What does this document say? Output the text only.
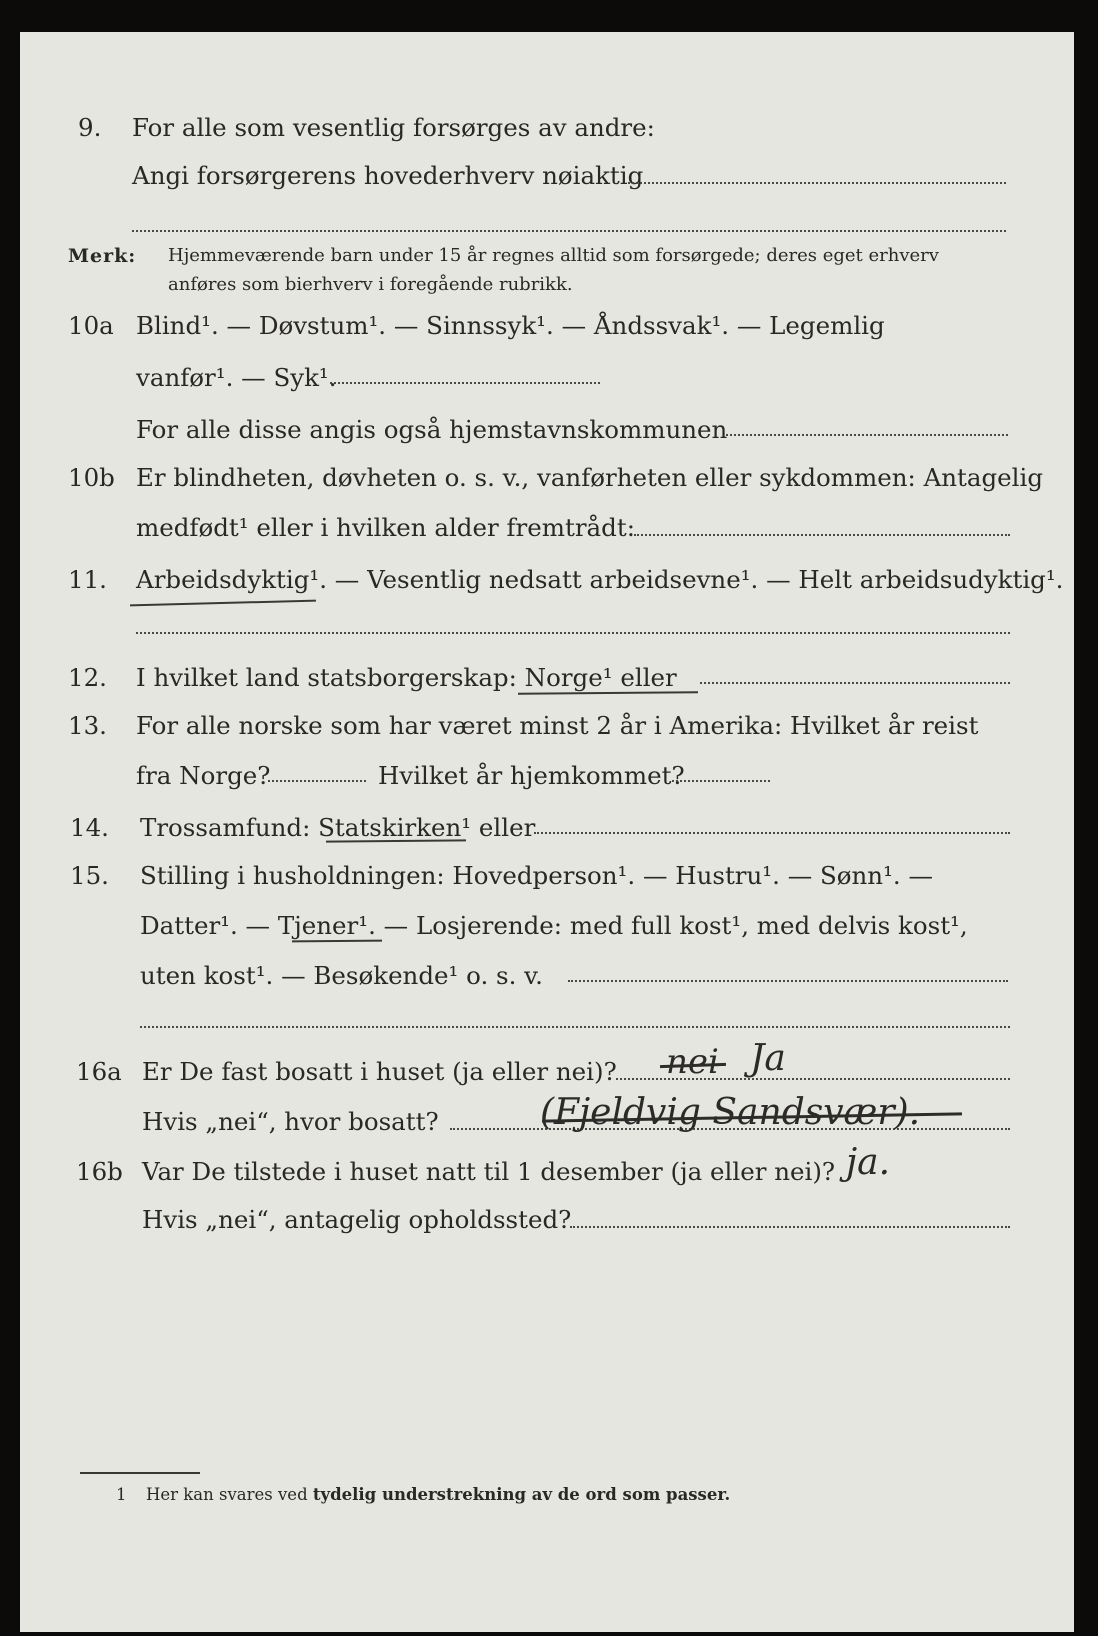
9. For alle som vesentlig forsørges av andre:
Angi forsørgerens hovederhverv nøiaktig
Merk: Hjemmeværende barn under 15 år regnes alltid som forsørgede; deres eget erhverv
anføres som bierhverv i foregående rubrikk.
10a Blind¹. — Døvstum¹. — Sinnssyk¹. — Åndssvak¹. — Legemlig
vanfør¹. — Syk¹.
For alle disse angis også hjemstavnskommunen
10b Er blindheten, døvheten o. s. v., vanførheten eller sykdommen: Antagelig
medfødt¹ eller i hvilken alder fremtrådt:
11. Arbeidsdyktig¹. — Vesentlig nedsatt arbeidsevne¹. — Helt arbeidsudyktig¹.
12. I hvilket land statsborgerskap: Norge¹ eller
13. For alle norske som har været minst 2 år i Amerika: Hvilket år reist
fra Norge?	Hvilket år hjemkommet?
14. Trossamfund: Statskirken¹ eller
15. Stilling i husholdningen: Hovedperson¹. — Hustru¹. — Sønn¹. —
Datter¹. — Tjener¹. — Losjerende: med full kost¹, med delvis kost¹,
uten kost¹. — Besøkende¹ o. s. v.
16a Er De fast bosatt i huset (ja eller nei)? nei Ja
Hvis „nei“, hvor bosatt?	(Fjeldvig Sandsvær).
16b Var De tilstede i huset natt til 1 desember (ja eller nei)? ja.
Hvis „nei“, antagelig opholdssted?
1 Her kan svares ved tydelig understrekning av de ord som passer.
